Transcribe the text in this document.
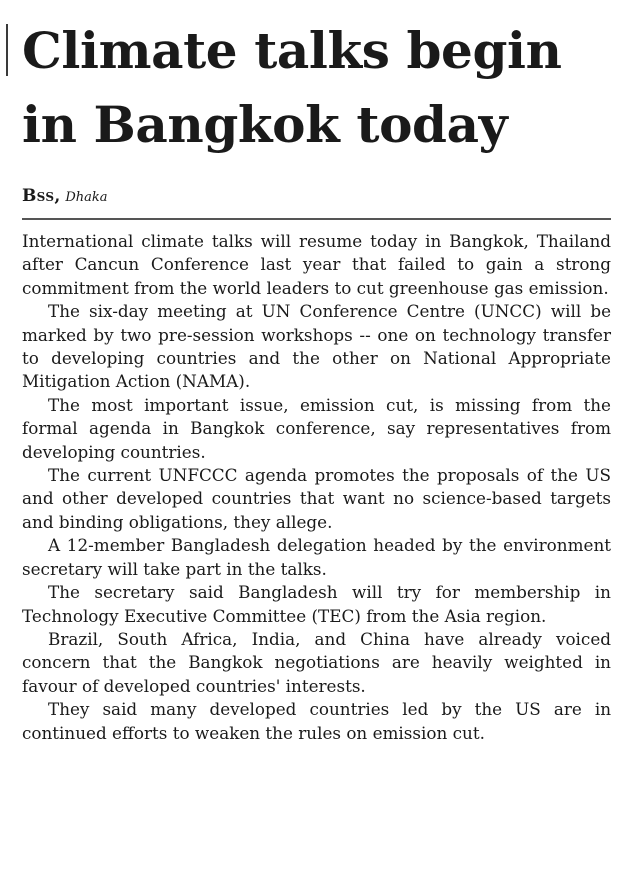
Climate talks begin in Bangkok today
Bss, Dhaka

International climate talks will resume today in Bangkok, Thailand after Cancun Conference last year that failed to gain a strong commitment from the world leaders to cut greenhouse gas emission.

The six-day meeting at UN Conference Centre (UNCC) will be marked by two pre-session workshops -- one on technology transfer to developing countries and the other on National Appropriate Mitigation Action (NAMA).

The most important issue, emission cut, is missing from the formal agenda in Bangkok conference, say representatives from developing countries.

The current UNFCCC agenda promotes the proposals of the US and other developed countries that want no science-based targets and binding obligations, they allege.

A 12-member Bangladesh delegation headed by the environment secretary will take part in the talks.

The secretary said Bangladesh will try for membership in Technology Executive Committee (TEC) from the Asia region.

Brazil, South Africa, India, and China have already voiced concern that the Bangkok negotiations are heavily weighted in favour of developed countries' interests.

They said many developed countries led by the US are in continued efforts to weaken the rules on emission cut.
